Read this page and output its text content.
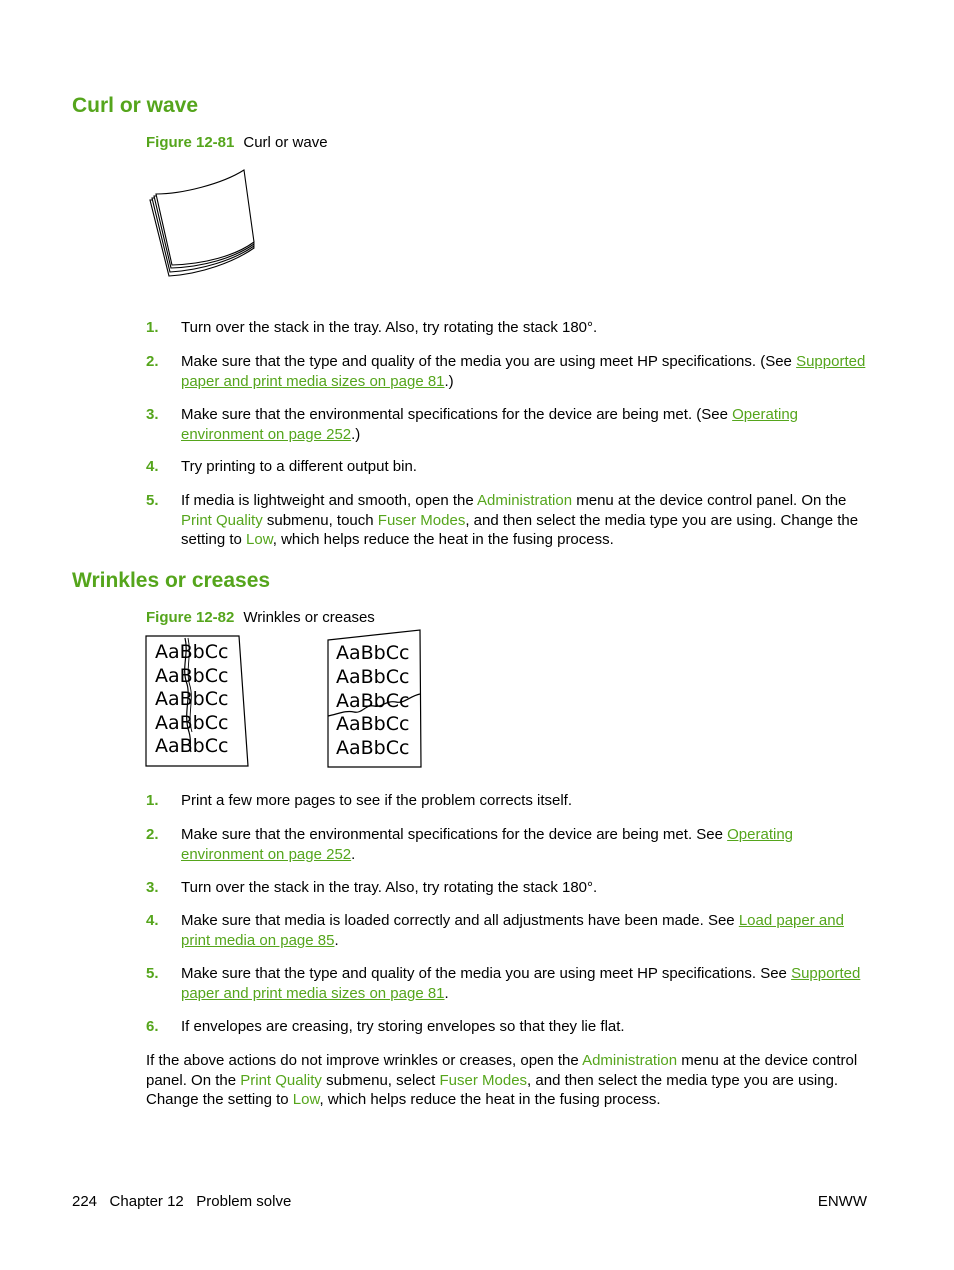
Curl or wave
Figure 12-81 Curl or wave
1. Turn over the stack in the tray. Also, try rotating the stack 180°.
2. Make sure that the type and quality of the media you are using meet HP specifications. (See Supported paper and print media sizes on page 81.)
3. Make sure that the environmental specifications for the device are being met. (See Operating environment on page 252.)
4. Try printing to a different output bin.
5. If media is lightweight and smooth, open the Administration menu at the device control panel. On the Print Quality submenu, touch Fuser Modes, and then select the media type you are using. Change the setting to Low, which helps reduce the heat in the fusing process.
Wrinkles or creases
Figure 12-82 Wrinkles or creases
AaBbCc
AaBbCc
AaBbCc
AaBbCc
AaBbCc
AaBbCc
AaBbCc
AaBbCc
AaBbCc
AaBbCc
1. Print a few more pages to see if the problem corrects itself.
2. Make sure that the environmental specifications for the device are being met. See Operating environment on page 252.
3. Turn over the stack in the tray. Also, try rotating the stack 180°.
4. Make sure that media is loaded correctly and all adjustments have been made. See Load paper and print media on page 85.
5. Make sure that the type and quality of the media you are using meet HP specifications. See Supported paper and print media sizes on page 81.
6. If envelopes are creasing, try storing envelopes so that they lie flat.
If the above actions do not improve wrinkles or creases, open the Administration menu at the device control panel. On the Print Quality submenu, select Fuser Modes, and then select the media type you are using. Change the setting to Low, which helps reduce the heat in the fusing process.
224 Chapter 12 Problem solve	ENWW
